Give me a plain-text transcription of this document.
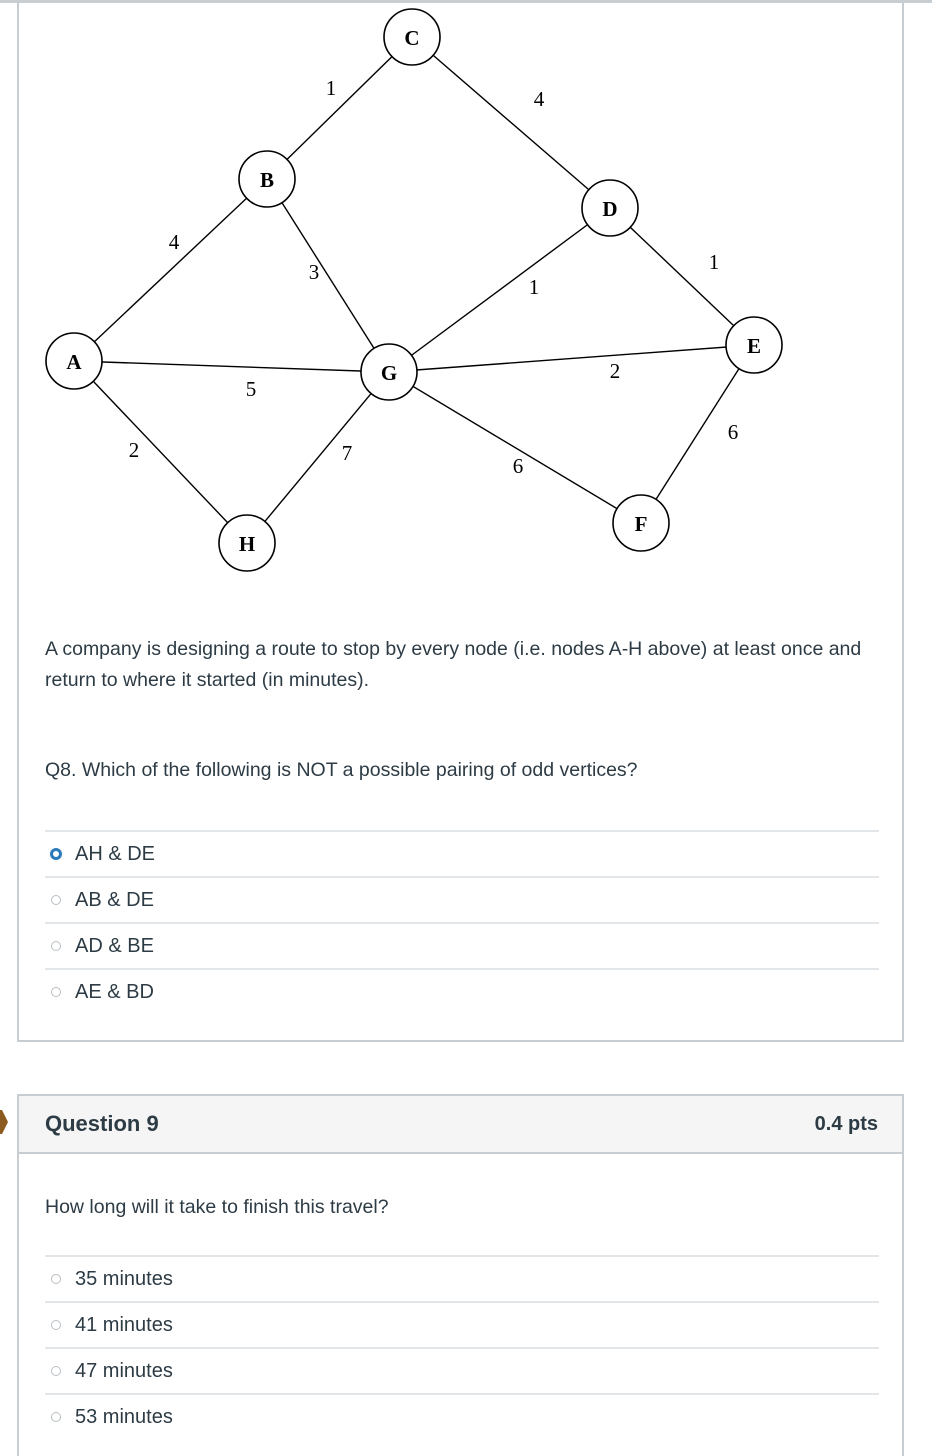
4
5
2
1
3
4
1
1
2
6
7
6
A
B
C
D
E
F
G
H

A company is designing a route to stop by every node (i.e. nodes A-H above) at least once and return to where it started (in minutes).

Q8. Which of the following is NOT a possible pairing of odd vertices?

AH & DE
AB & DE
AD & BE
AE & BD
Question 9	0.4 pts

How long will it take to finish this travel?

35 minutes
41 minutes
47 minutes
53 minutes
